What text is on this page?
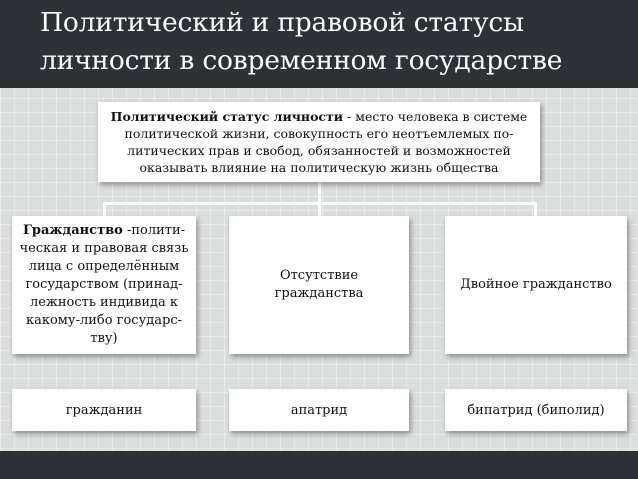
Политический и правовой статусы личности в современном государстве
Политический статус личности - место человека в системе политической жизни, совокупность его неотъемлемых по-литических прав и свобод, обязанностей и возможностей оказывать влияние на политическую жизнь общества
Гражданство -полити-ческая и правовая связь лица с определённым государством (принад-лежность индивида к какому-либо государс-тву)
Отсутствие гражданства
Двойное гражданство
гражданин	апатрид	бипатрид (биполид)
